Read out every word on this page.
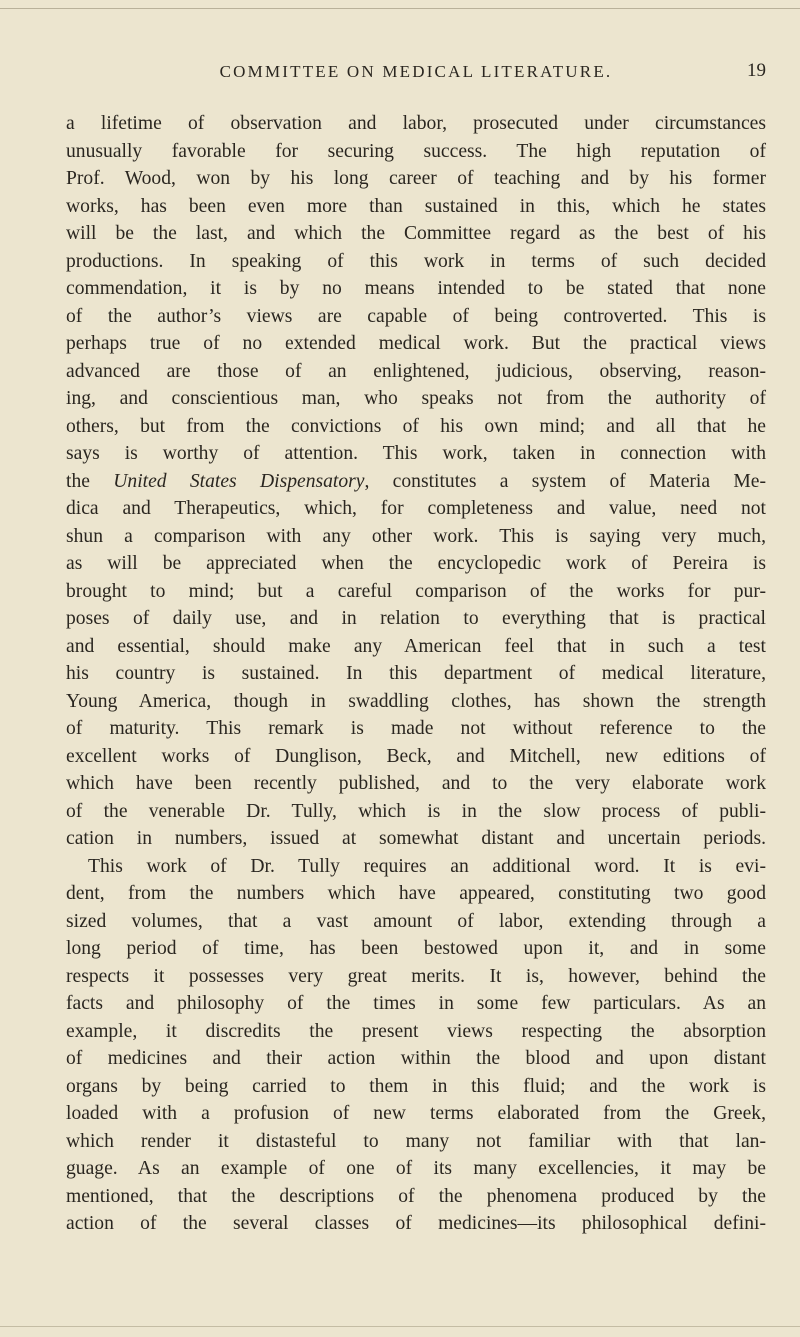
COMMITTEE ON MEDICAL LITERATURE.	19
a lifetime of observation and labor, prosecuted under circumstances
unusually favorable for securing success. The high reputation of
Prof. Wood, won by his long career of teaching and by his former
works, has been even more than sustained in this, which he states
will be the last, and which the Committee regard as the best of his
productions. In speaking of this work in terms of such decided
commendation, it is by no means intended to be stated that none
of the author’s views are capable of being controverted. This is
perhaps true of no extended medical work. But the practical views
advanced are those of an enlightened, judicious, observing, reason-
ing, and conscientious man, who speaks not from the authority of
others, but from the convictions of his own mind; and all that he
says is worthy of attention. This work, taken in connection with
the United States Dispensatory, constitutes a system of Materia Me-
dica and Therapeutics, which, for completeness and value, need not
shun a comparison with any other work. This is saying very much,
as will be appreciated when the encyclopedic work of Pereira is
brought to mind; but a careful comparison of the works for pur-
poses of daily use, and in relation to everything that is practical
and essential, should make any American feel that in such a test
his country is sustained. In this department of medical literature,
Young America, though in swaddling clothes, has shown the strength
of maturity. This remark is made not without reference to the
excellent works of Dunglison, Beck, and Mitchell, new editions of
which have been recently published, and to the very elaborate work
of the venerable Dr. Tully, which is in the slow process of publi-
cation in numbers, issued at somewhat distant and uncertain periods.
This work of Dr. Tully requires an additional word. It is evi-
dent, from the numbers which have appeared, constituting two good
sized volumes, that a vast amount of labor, extending through a
long period of time, has been bestowed upon it, and in some
respects it possesses very great merits. It is, however, behind the
facts and philosophy of the times in some few particulars. As an
example, it discredits the present views respecting the absorption
of medicines and their action within the blood and upon distant
organs by being carried to them in this fluid; and the work is
loaded with a profusion of new terms elaborated from the Greek,
which render it distasteful to many not familiar with that lan-
guage. As an example of one of its many excellencies, it may be
mentioned, that the descriptions of the phenomena produced by the
action of the several classes of medicines—its philosophical defini-
